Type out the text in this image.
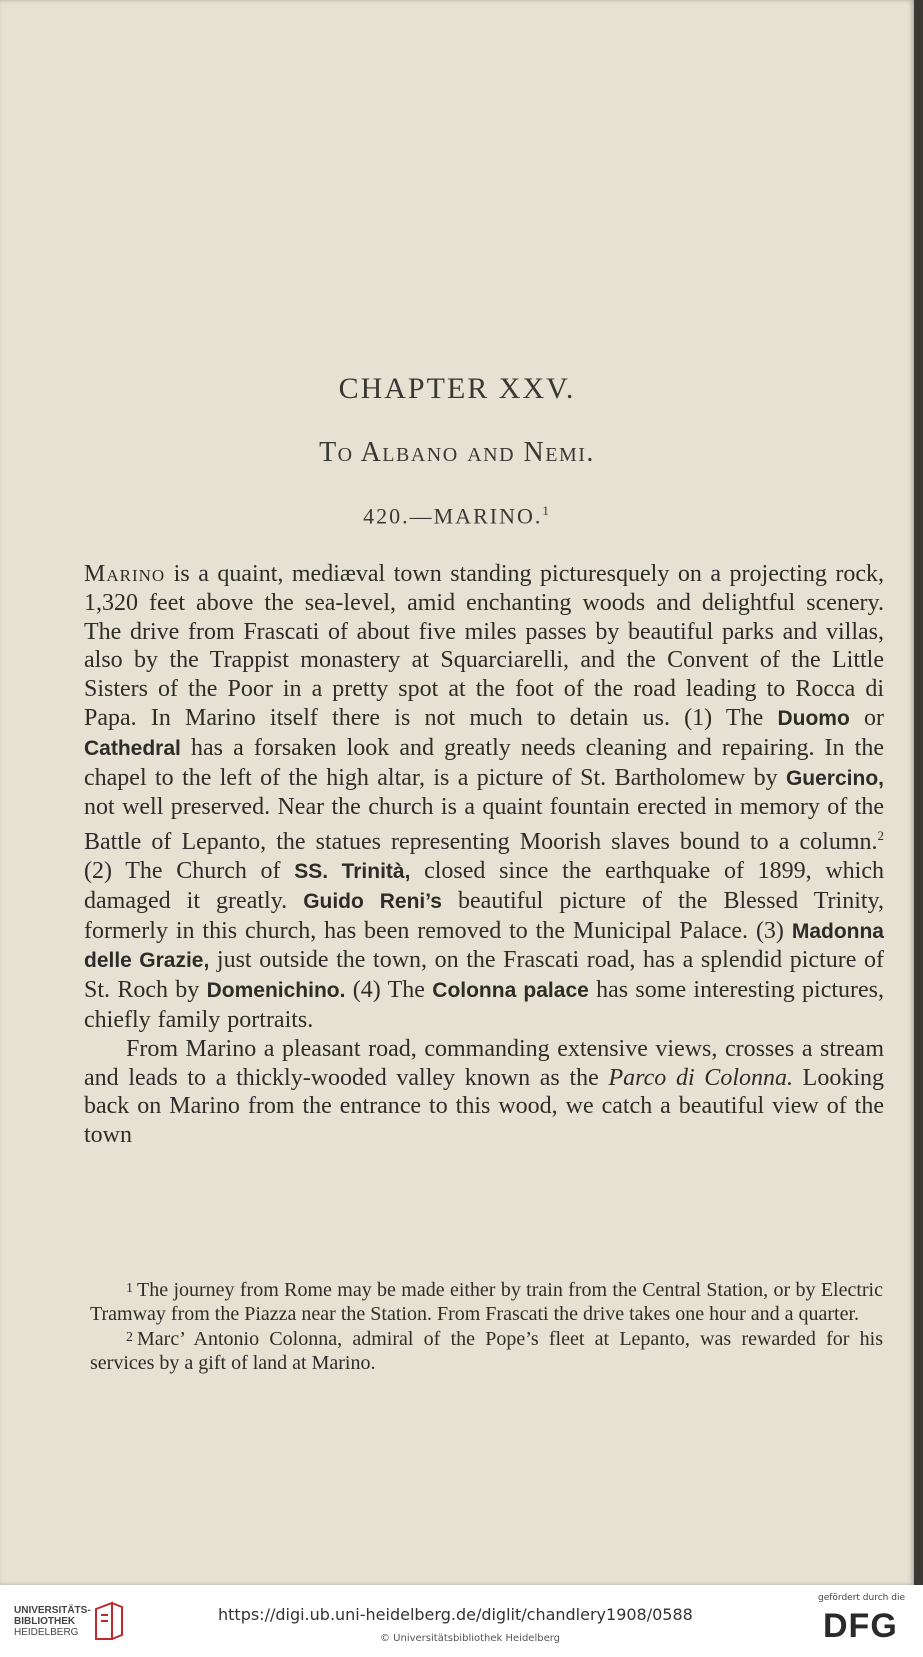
CHAPTER XXV.
To Albano and Nemi.
420.—MARINO.$^1$

Marino is a quaint, mediæval town standing picturesquely on a projecting rock, 1,320 feet above the sea-level, amid enchanting woods and delightful scenery. The drive from Frascati of about five miles passes by beautiful parks and villas, also by the Trappist monastery at Squarciarelli, and the Convent of the Little Sisters of the Poor in a pretty spot at the foot of the road leading to Rocca di Papa. In Marino itself there is not much to detain us. (1) The Duomo or Cathedral has a forsaken look and greatly needs cleaning and repairing. In the chapel to the left of the high altar, is a picture of St. Bartholomew by Guercino, not well preserved. Near the church is a quaint fountain erected in memory of the Battle of Lepanto, the statues representing Moorish slaves bound to a column.$^2$ (2) The Church of SS. Trinità, closed since the earthquake of 1899, which damaged it greatly. Guido Reni’s beautiful picture of the Blessed Trinity, formerly in this church, has been removed to the Municipal Palace. (3) Madonna delle Grazie, just outside the town, on the Frascati road, has a splendid picture of St. Roch by Domenichino. (4) The Colonna palace has some interesting pictures, chiefly family portraits.

From Marino a pleasant road, commanding extensive views, crosses a stream and leads to a thickly-wooded valley known as the Parco di Colonna. Looking back on Marino from the entrance to this wood, we catch a beautiful view of the town

$^1$ The journey from Rome may be made either by train from the Central Station, or by Electric Tramway from the Piazza near the Station. From Frascati the drive takes one hour and a quarter.

$^2$ Marc’ Antonio Colonna, admiral of the Pope’s fleet at Lepanto, was rewarded for his services by a gift of land at Marino.

UNIVERSITÄTS-
BIBLIOTHEK
HEIDELBERG
https://digi.ub.uni-heidelberg.de/diglit/chandlery1908/0588
© Universitätsbibliothek Heidelberg
gefördert durch die
DFG
